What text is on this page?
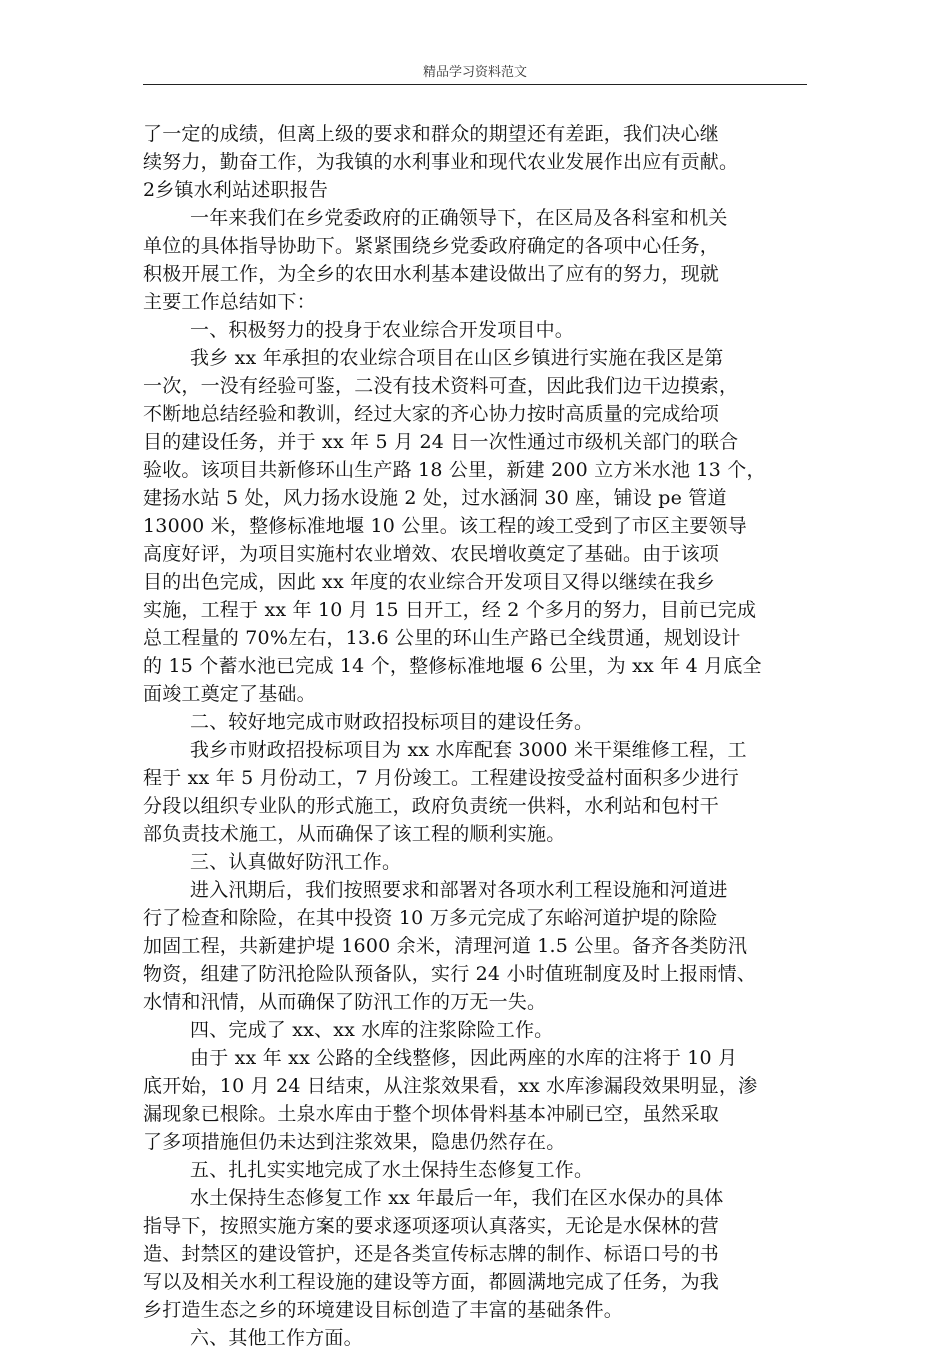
精品学习资料范文
了一定的成绩，但离上级的要求和群众的期望还有差距，我们决心继
续努力，勤奋工作，为我镇的水利事业和现代农业发展作出应有贡献。
2乡镇水利站述职报告
一年来我们在乡党委政府的正确领导下，在区局及各科室和机关
单位的具体指导协助下。紧紧围绕乡党委政府确定的各项中心任务，
积极开展工作，为全乡的农田水利基本建设做出了应有的努力，现就
主要工作总结如下：
一、积极努力的投身于农业综合开发项目中。
我乡 xx 年承担的农业综合项目在山区乡镇进行实施在我区是第
一次，一没有经验可鉴，二没有技术资料可查，因此我们边干边摸索，
不断地总结经验和教训，经过大家的齐心协力按时高质量的完成给项
目的建设任务，并于 xx 年 5 月 24 日一次性通过市级机关部门的联合
验收。该项目共新修环山生产路 18 公里，新建 200 立方米水池 13 个，
建扬水站 5 处，风力扬水设施 2 处，过水涵洞 30 座，铺设 pe 管道
13000 米，整修标准地堰 10 公里。该工程的竣工受到了市区主要领导
高度好评，为项目实施村农业增效、农民增收奠定了基础。由于该项
目的出色完成，因此 xx 年度的农业综合开发项目又得以继续在我乡
实施，工程于 xx 年 10 月 15 日开工，经 2 个多月的努力，目前已完成
总工程量的 70%左右，13.6 公里的环山生产路已全线贯通，规划设计
的 15 个蓄水池已完成 14 个，整修标准地堰 6 公里，为 xx 年 4 月底全
面竣工奠定了基础。
二、较好地完成市财政招投标项目的建设任务。
我乡市财政招投标项目为 xx 水库配套 3000 米干渠维修工程，工
程于 xx 年 5 月份动工，7 月份竣工。工程建设按受益村面积多少进行
分段以组织专业队的形式施工，政府负责统一供料，水利站和包村干
部负责技术施工，从而确保了该工程的顺利实施。
三、认真做好防汛工作。
进入汛期后，我们按照要求和部署对各项水利工程设施和河道进
行了检查和除险，在其中投资 10 万多元完成了东峪河道护堤的除险
加固工程，共新建护堤 1600 余米，清理河道 1.5 公里。备齐各类防汛
物资，组建了防汛抢险队预备队，实行 24 小时值班制度及时上报雨情、
水情和汛情，从而确保了防汛工作的万无一失。
四、完成了 xx、xx 水库的注浆除险工作。
由于 xx 年 xx 公路的全线整修，因此两座的水库的注将于 10 月
底开始，10 月 24 日结束，从注浆效果看，xx 水库渗漏段效果明显，渗
漏现象已根除。土泉水库由于整个坝体骨料基本冲刷已空，虽然采取
了多项措施但仍未达到注浆效果，隐患仍然存在。
五、扎扎实实地完成了水土保持生态修复工作。
水土保持生态修复工作 xx 年最后一年，我们在区水保办的具体
指导下，按照实施方案的要求逐项逐项认真落实，无论是水保林的营
造、封禁区的建设管护，还是各类宣传标志牌的制作、标语口号的书
写以及相关水利工程设施的建设等方面，都圆满地完成了任务，为我
乡打造生态之乡的环境建设目标创造了丰富的基础条件。
六、其他工作方面。
